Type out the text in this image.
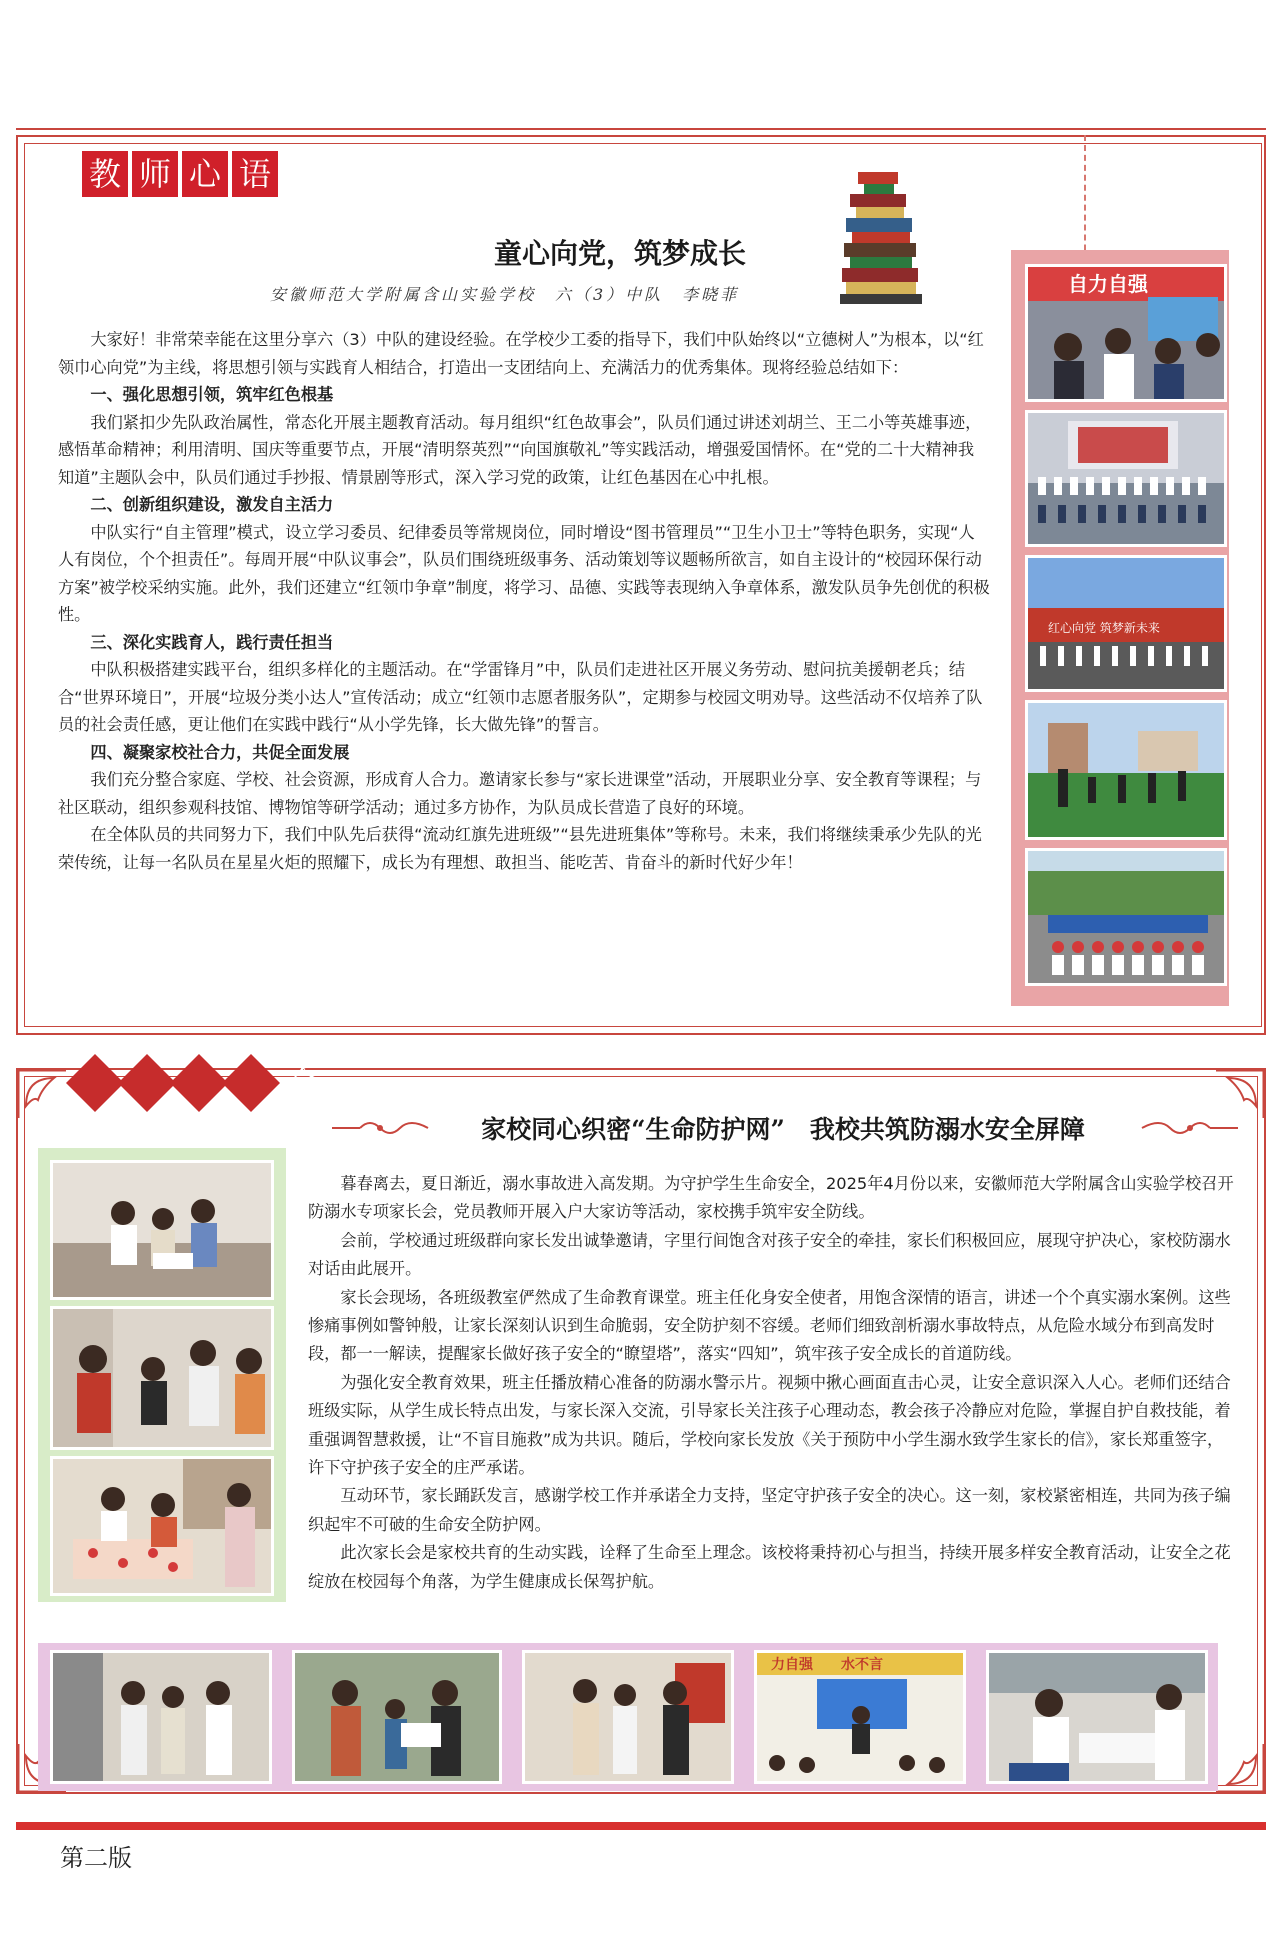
教 师 心 语
童心向党，筑梦成长
安徽师范大学附属含山实验学校　六（3）中队　李晓菲

大家好！非常荣幸能在这里分享六（3）中队的建设经验。在学校少工委的指导下，我们中队始终以“立德树人”为根本，以“红领巾心向党”为主线，将思想引领与实践育人相结合，打造出一支团结向上、充满活力的优秀集体。现将经验总结如下：

一、强化思想引领，筑牢红色根基

我们紧扣少先队政治属性，常态化开展主题教育活动。每月组织“红色故事会”，队员们通过讲述刘胡兰、王二小等英雄事迹，感悟革命精神；利用清明、国庆等重要节点，开展“清明祭英烈”“向国旗敬礼”等实践活动，增强爱国情怀。在“党的二十大精神我知道”主题队会中，队员们通过手抄报、情景剧等形式，深入学习党的政策，让红色基因在心中扎根。

二、创新组织建设，激发自主活力

中队实行“自主管理”模式，设立学习委员、纪律委员等常规岗位，同时增设“图书管理员”“卫生小卫士”等特色职务，实现“人人有岗位，个个担责任”。每周开展“中队议事会”，队员们围绕班级事务、活动策划等议题畅所欲言，如自主设计的“校园环保行动方案”被学校采纳实施。此外，我们还建立“红领巾争章”制度，将学习、品德、实践等表现纳入争章体系，激发队员争先创优的积极性。

三、深化实践育人，践行责任担当

中队积极搭建实践平台，组织多样化的主题活动。在“学雷锋月”中，队员们走进社区开展义务劳动、慰问抗美援朝老兵；结合“世界环境日”，开展“垃圾分类小达人”宣传活动；成立“红领巾志愿者服务队”，定期参与校园文明劝导。这些活动不仅培养了队员的社会责任感，更让他们在实践中践行“从小学先锋，长大做先锋”的誓言。

四、凝聚家校社合力，共促全面发展

我们充分整合家庭、学校、社会资源，形成育人合力。邀请家长参与“家长进课堂”活动，开展职业分享、安全教育等课程；与社区联动，组织参观科技馆、博物馆等研学活动；通过多方协作，为队员成长营造了良好的环境。

在全体队员的共同努力下，我们中队先后获得“流动红旗先进班级”“县先进班集体”等称号。未来，我们将继续秉承少先队的光荣传统，让每一名队员在星星火炬的照耀下，成长为有理想、敢担当、能吃苦、肯奋斗的新时代好少年！

自力自强
红心向党 筑梦新未来
合
家校同心织密“生命防护网”　我校共筑防溺水安全屏障

暮春离去，夏日渐近，溺水事故进入高发期。为守护学生生命安全，2025年4月份以来，安徽师范大学附属含山实验学校召开防溺水专项家长会，党员教师开展入户大家访等活动，家校携手筑牢安全防线。

会前，学校通过班级群向家长发出诚挚邀请，字里行间饱含对孩子安全的牵挂，家长们积极回应，展现守护决心，家校防溺水对话由此展开。

家长会现场，各班级教室俨然成了生命教育课堂。班主任化身安全使者，用饱含深情的语言，讲述一个个真实溺水案例。这些惨痛事例如警钟般，让家长深刻认识到生命脆弱，安全防护刻不容缓。老师们细致剖析溺水事故特点，从危险水域分布到高发时段，都一一解读，提醒家长做好孩子安全的“瞭望塔”，落实“四知”，筑牢孩子安全成长的首道防线。

为强化安全教育效果，班主任播放精心准备的防溺水警示片。视频中揪心画面直击心灵，让安全意识深入人心。老师们还结合班级实际，从学生成长特点出发，与家长深入交流，引导家长关注孩子心理动态，教会孩子冷静应对危险，掌握自护自救技能，着重强调智慧救援，让“不盲目施救”成为共识。随后，学校向家长发放《关于预防中小学生溺水致学生家长的信》，家长郑重签字，许下守护孩子安全的庄严承诺。

互动环节，家长踊跃发言，感谢学校工作并承诺全力支持，坚定守护孩子安全的决心。这一刻，家校紧密相连，共同为孩子编织起牢不可破的生命安全防护网。

此次家长会是家校共育的生动实践，诠释了生命至上理念。该校将秉持初心与担当，持续开展多样安全教育活动，让安全之花绽放在校园每个角落，为学生健康成长保驾护航。

力自强　　水不言
第二版
